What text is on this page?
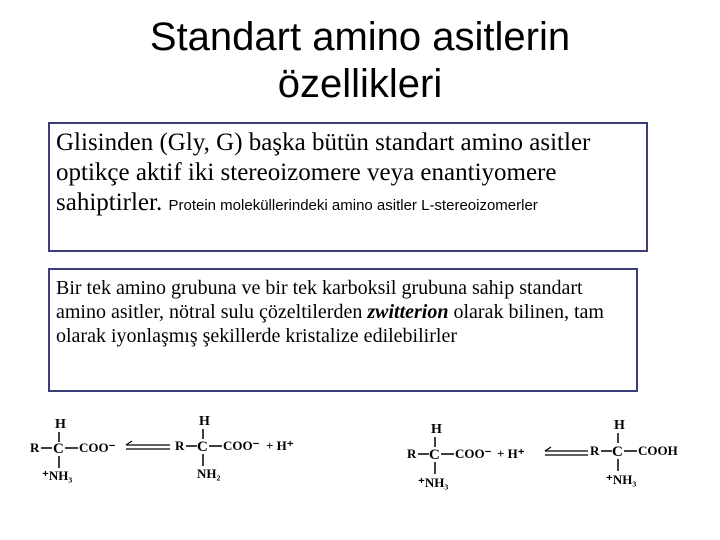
Standart amino asitlerin
özellikleri

Glisinden (Gly, G) başka bütün standart amino asitler optikçe aktif iki stereoizomere veya enantiyomere sahiptirler. Protein moleküllerindeki amino asitler L-stereoizomerler

Bir tek amino grubuna ve bir tek karboksil grubuna sahip standart amino asitler, nötral sulu çözeltilerden zwitterion olarak bilinen, tam olarak iyonlaşmış şekillerde kristalize edilebilirler

H
R C COO⁻
⁺NH₃
H
R C COO⁻ + H⁺
NH₂
H
R C COO⁻ + H⁺
⁺NH₃
H
R C COOH
⁺NH₃
